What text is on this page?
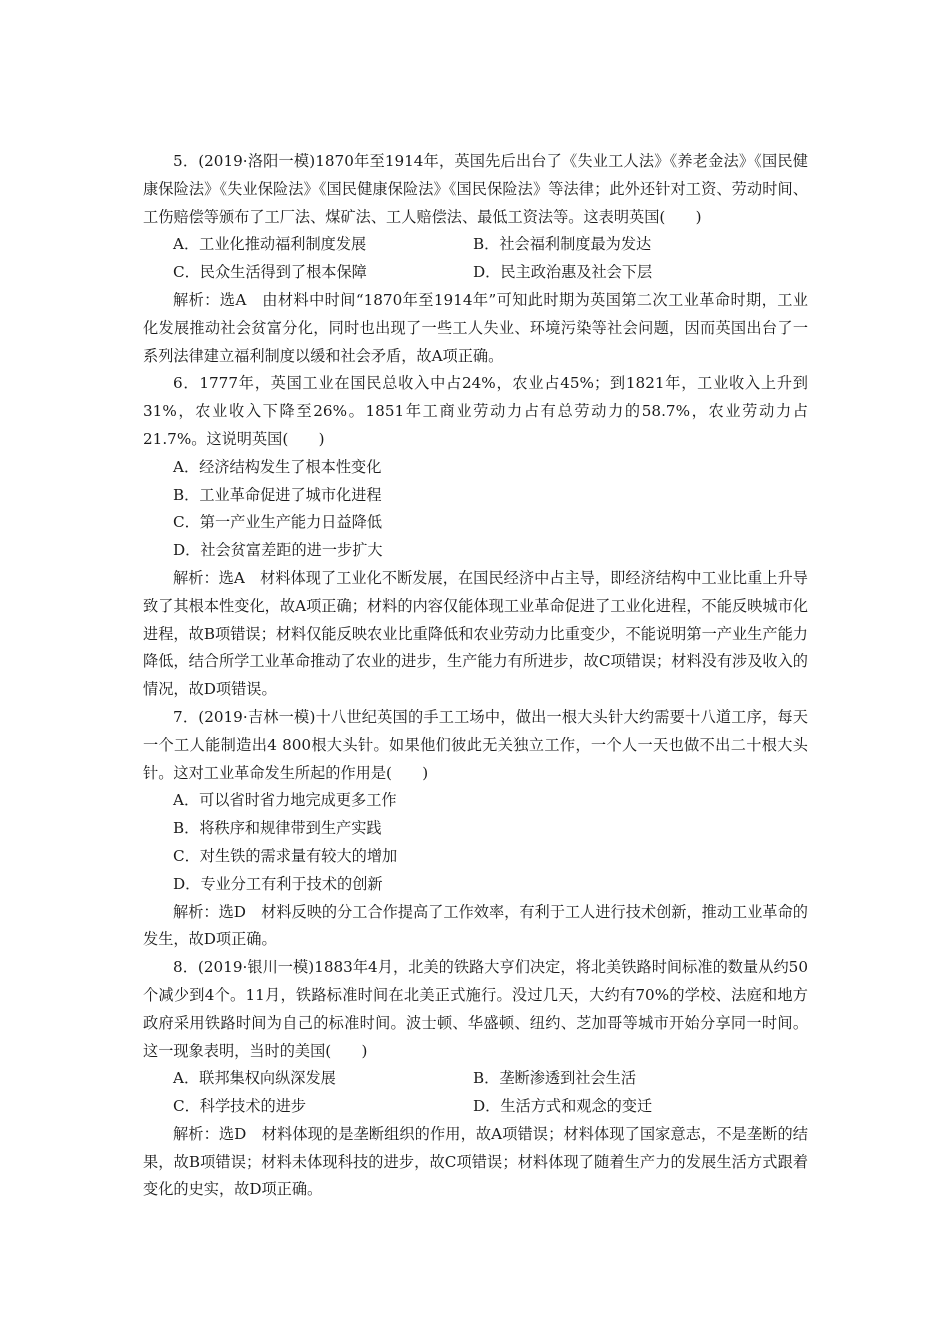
5．(2019·洛阳一模)1870年至1914年，英国先后出台了《失业工人法》《养老金法》《国民健康保险法》《失业保险法》《国民健康保险法》《国民保险法》等法律；此外还针对工资、劳动时间、工伤赔偿等颁布了工厂法、煤矿法、工人赔偿法、最低工资法等。这表明英国(　　)

A．工业化推动福利制度发展	B．社会福利制度最为发达
C．民众生活得到了根本保障	D．民主政治惠及社会下层

解析：选A　由材料中时间“1870年至1914年”可知此时期为英国第二次工业革命时期，工业化发展推动社会贫富分化，同时也出现了一些工人失业、环境污染等社会问题，因而英国出台了一系列法律建立福利制度以缓和社会矛盾，故A项正确。

6．1777年，英国工业在国民总收入中占24%，农业占45%；到1821年，工业收入上升到31%，农业收入下降至26%。1851年工商业劳动力占有总劳动力的58.7%，农业劳动力占21.7%。这说明英国(　　)

A．经济结构发生了根本性变化

B．工业革命促进了城市化进程

C．第一产业生产能力日益降低

D．社会贫富差距的进一步扩大

解析：选A　材料体现了工业化不断发展，在国民经济中占主导，即经济结构中工业比重上升导致了其根本性变化，故A项正确；材料的内容仅能体现工业革命促进了工业化进程，不能反映城市化进程，故B项错误；材料仅能反映农业比重降低和农业劳动力比重变少，不能说明第一产业生产能力降低，结合所学工业革命推动了农业的进步，生产能力有所进步，故C项错误；材料没有涉及收入的情况，故D项错误。

7．(2019·吉林一模)十八世纪英国的手工工场中，做出一根大头针大约需要十八道工序，每天一个工人能制造出4 800根大头针。如果他们彼此无关独立工作，一个人一天也做不出二十根大头针。这对工业革命发生所起的作用是(　　)

A．可以省时省力地完成更多工作

B．将秩序和规律带到生产实践

C．对生铁的需求量有较大的增加

D．专业分工有利于技术的创新

解析：选D　材料反映的分工合作提高了工作效率，有利于工人进行技术创新，推动工业革命的发生，故D项正确。

8．(2019·银川一模)1883年4月，北美的铁路大亨们决定，将北美铁路时间标准的数量从约50个减少到4个。11月，铁路标准时间在北美正式施行。没过几天，大约有70%的学校、法庭和地方政府采用铁路时间为自己的标准时间。波士顿、华盛顿、纽约、芝加哥等城市开始分享同一时间。这一现象表明，当时的美国(　　)

A．联邦集权向纵深发展	B．垄断渗透到社会生活
C．科学技术的进步	D．生活方式和观念的变迁

解析：选D　材料体现的是垄断组织的作用，故A项错误；材料体现了国家意志，不是垄断的结果，故B项错误；材料未体现科技的进步，故C项错误；材料体现了随着生产力的发展生活方式跟着变化的史实，故D项正确。
